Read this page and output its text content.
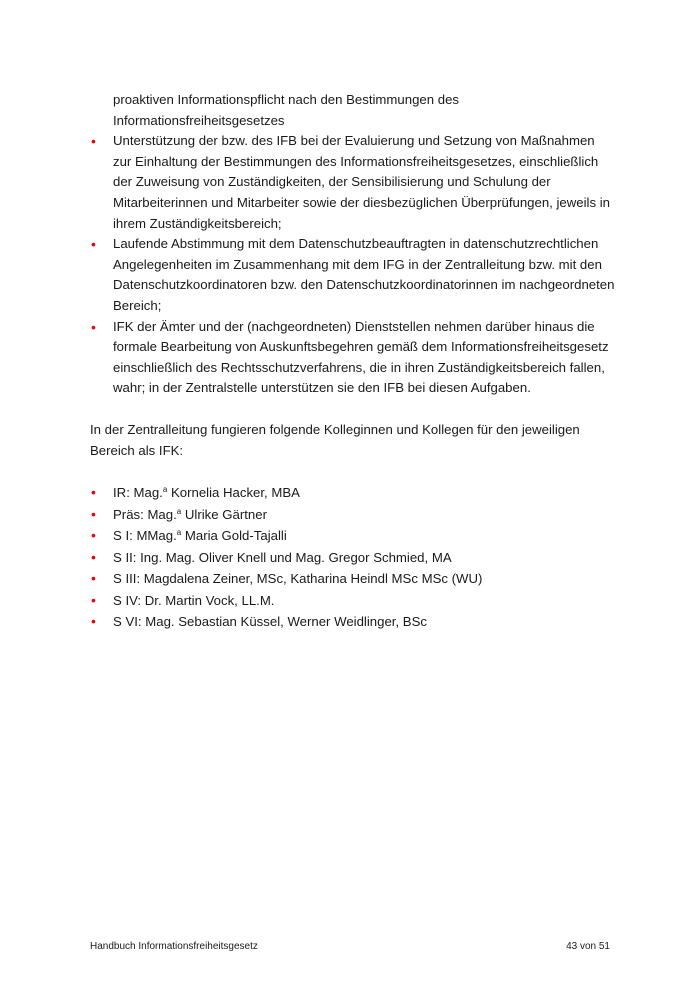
proaktiven Informationspflicht nach den Bestimmungen des Informationsfreiheitsgesetzes

• Unterstützung der bzw. des IFB bei der Evaluierung und Setzung von Maßnahmen zur Einhaltung der Bestimmungen des Informationsfreiheitsgesetzes, einschließlich der Zuweisung von Zuständigkeiten, der Sensibilisierung und Schulung der Mitarbeiterinnen und Mitarbeiter sowie der diesbezüglichen Überprüfungen, jeweils in ihrem Zuständigkeitsbereich;
• Laufende Abstimmung mit dem Datenschutzbeauftragten in datenschutzrechtlichen Angelegenheiten im Zusammenhang mit dem IFG in der Zentralleitung bzw. mit den Datenschutzkoordinatoren bzw. den Datenschutzkoordinatorinnen im nachgeordneten Bereich;
• IFK der Ämter und der (nachgeordneten) Dienststellen nehmen darüber hinaus die formale Bearbeitung von Auskunftsbegehren gemäß dem Informationsfreiheitsgesetz einschließlich des Rechtsschutzverfahrens, die in ihren Zuständigkeitsbereich fallen, wahr; in der Zentralstelle unterstützen sie den IFB bei diesen Aufgaben.

In der Zentralleitung fungieren folgende Kolleginnen und Kollegen für den jeweiligen Bereich als IFK:

• IR: Mag.$^a$ Kornelia Hacker, MBA
• Präs: Mag.$^a$ Ulrike Gärtner
• S I: MMag.$^a$ Maria Gold-Tajalli
• S II: Ing. Mag. Oliver Knell und Mag. Gregor Schmied, MA
• S III: Magdalena Zeiner, MSc, Katharina Heindl MSc MSc (WU)
• S IV: Dr. Martin Vock, LL.M.
• S VI: Mag. Sebastian Küssel, Werner Weidlinger, BSc
Handbuch Informationsfreiheitsgesetz	43 von 51
